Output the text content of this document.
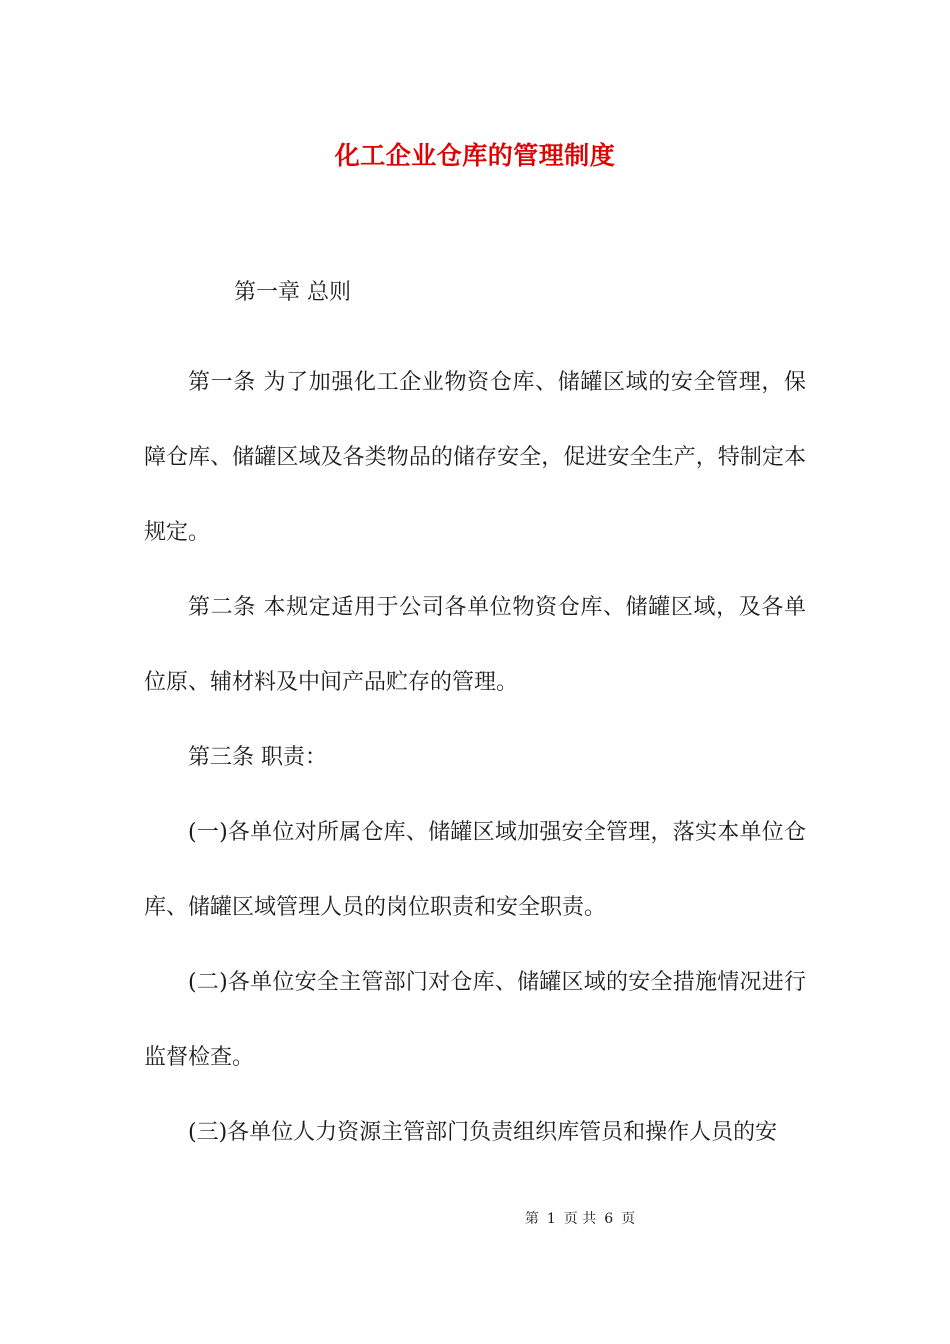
化工企业仓库的管理制度

第一章 总则

第一条 为了加强化工企业物资仓库、储罐区域的安全管理，保障仓库、储罐区域及各类物品的储存安全，促进安全生产，特制定本规定。

第二条 本规定适用于公司各单位物资仓库、储罐区域，及各单位原、辅材料及中间产品贮存的管理。

第三条 职责：

(一)各单位对所属仓库、储罐区域加强安全管理，落实本单位仓库、储罐区域管理人员的岗位职责和安全职责。

(二)各单位安全主管部门对仓库、储罐区域的安全措施情况进行监督检查。

(三)各单位人力资源主管部门负责组织库管员和操作人员的安

第 1 页 共 6 页
